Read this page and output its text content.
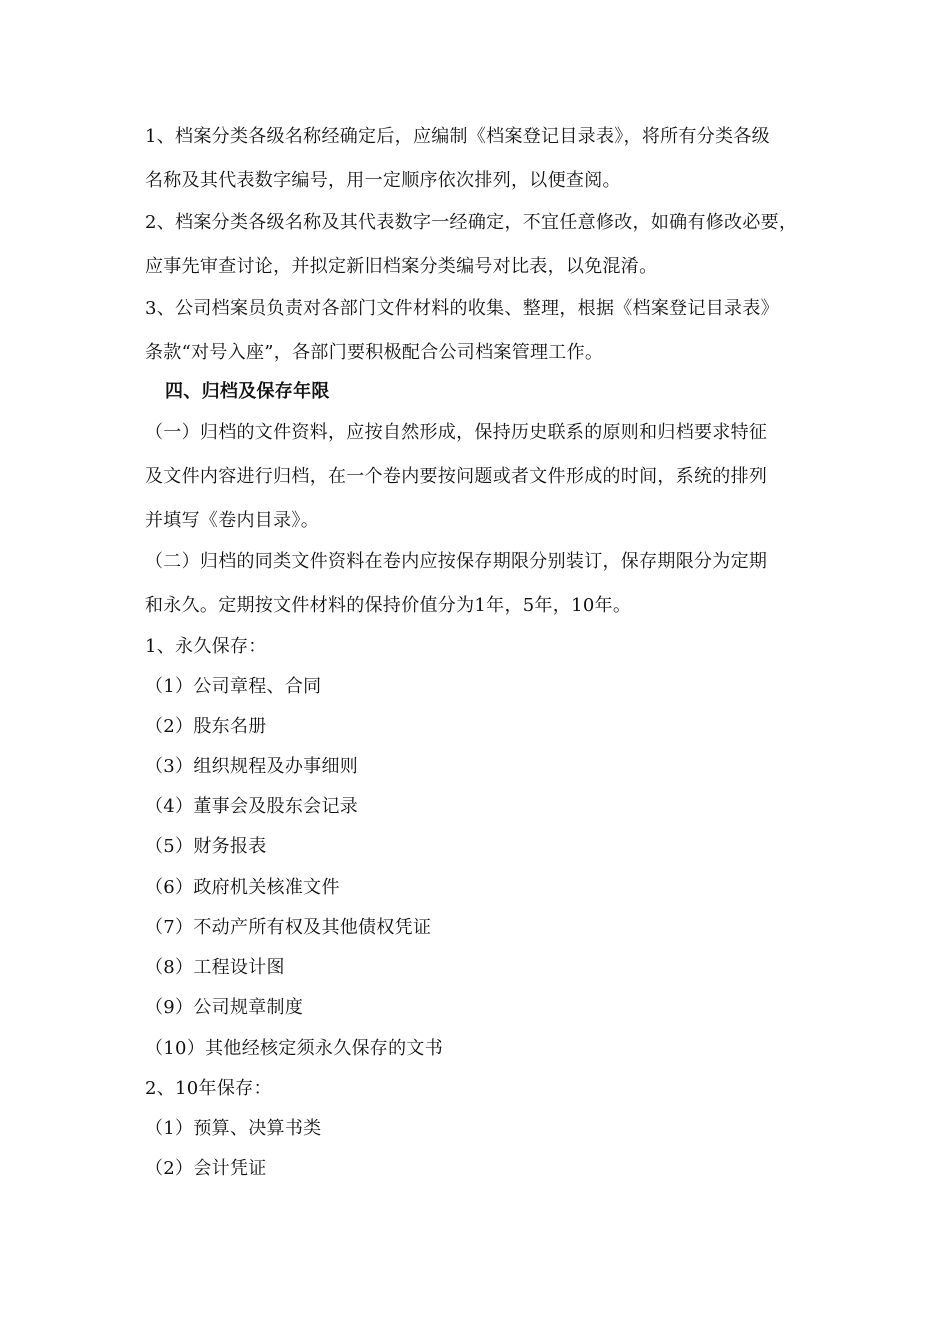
1、档案分类各级名称经确定后，应编制《档案登记目录表》，将所有分类各级
名称及其代表数字编号，用一定顺序依次排列，以便查阅。
2、档案分类各级名称及其代表数字一经确定，不宜任意修改，如确有修改必要，
应事先审查讨论，并拟定新旧档案分类编号对比表，以免混淆。
3、公司档案员负责对各部门文件材料的收集、整理，根据《档案登记目录表》
条款“对号入座”，各部门要积极配合公司档案管理工作。
四、归档及保存年限
（一）归档的文件资料，应按自然形成，保持历史联系的原则和归档要求特征
及文件内容进行归档，在一个卷内要按问题或者文件形成的时间，系统的排列
并填写《卷内目录》。
（二）归档的同类文件资料在卷内应按保存期限分别装订，保存期限分为定期
和永久。定期按文件材料的保持价值分为1年，5年，10年。
1、永久保存：
（1）公司章程、合同
（2）股东名册
（3）组织规程及办事细则
（4）董事会及股东会记录
（5）财务报表
（6）政府机关核准文件
（7）不动产所有权及其他债权凭证
（8）工程设计图
（9）公司规章制度
（10）其他经核定须永久保存的文书
2、10年保存：
（1）预算、决算书类
（2）会计凭证
